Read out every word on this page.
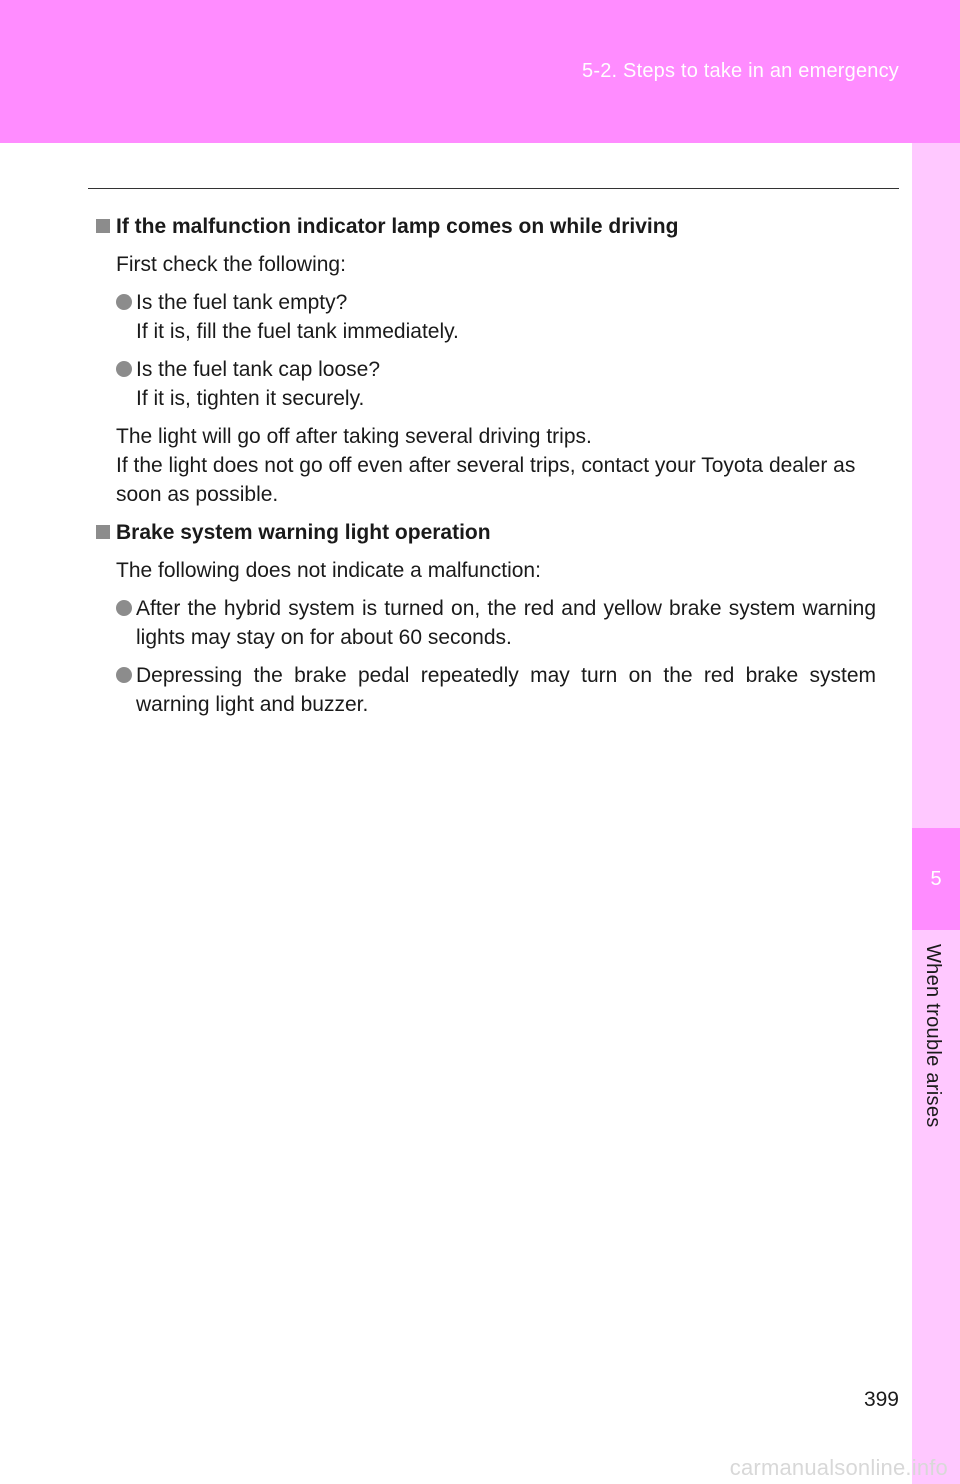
5-2. Steps to take in an emergency
5
When trouble arises
If the malfunction indicator lamp comes on while driving
First check the following:
Is the fuel tank empty?
If it is, fill the fuel tank immediately.
Is the fuel tank cap loose?
If it is, tighten it securely.
The light will go off after taking several driving trips.
If the light does not go off even after several trips, contact your Toyota dealer as soon as possible.
Brake system warning light operation
The following does not indicate a malfunction:
After the hybrid system is turned on, the red and yellow brake system warning lights may stay on for about 60 seconds.
Depressing the brake pedal repeatedly may turn on the red brake system warning light and buzzer.
399
carmanualsonline.info
